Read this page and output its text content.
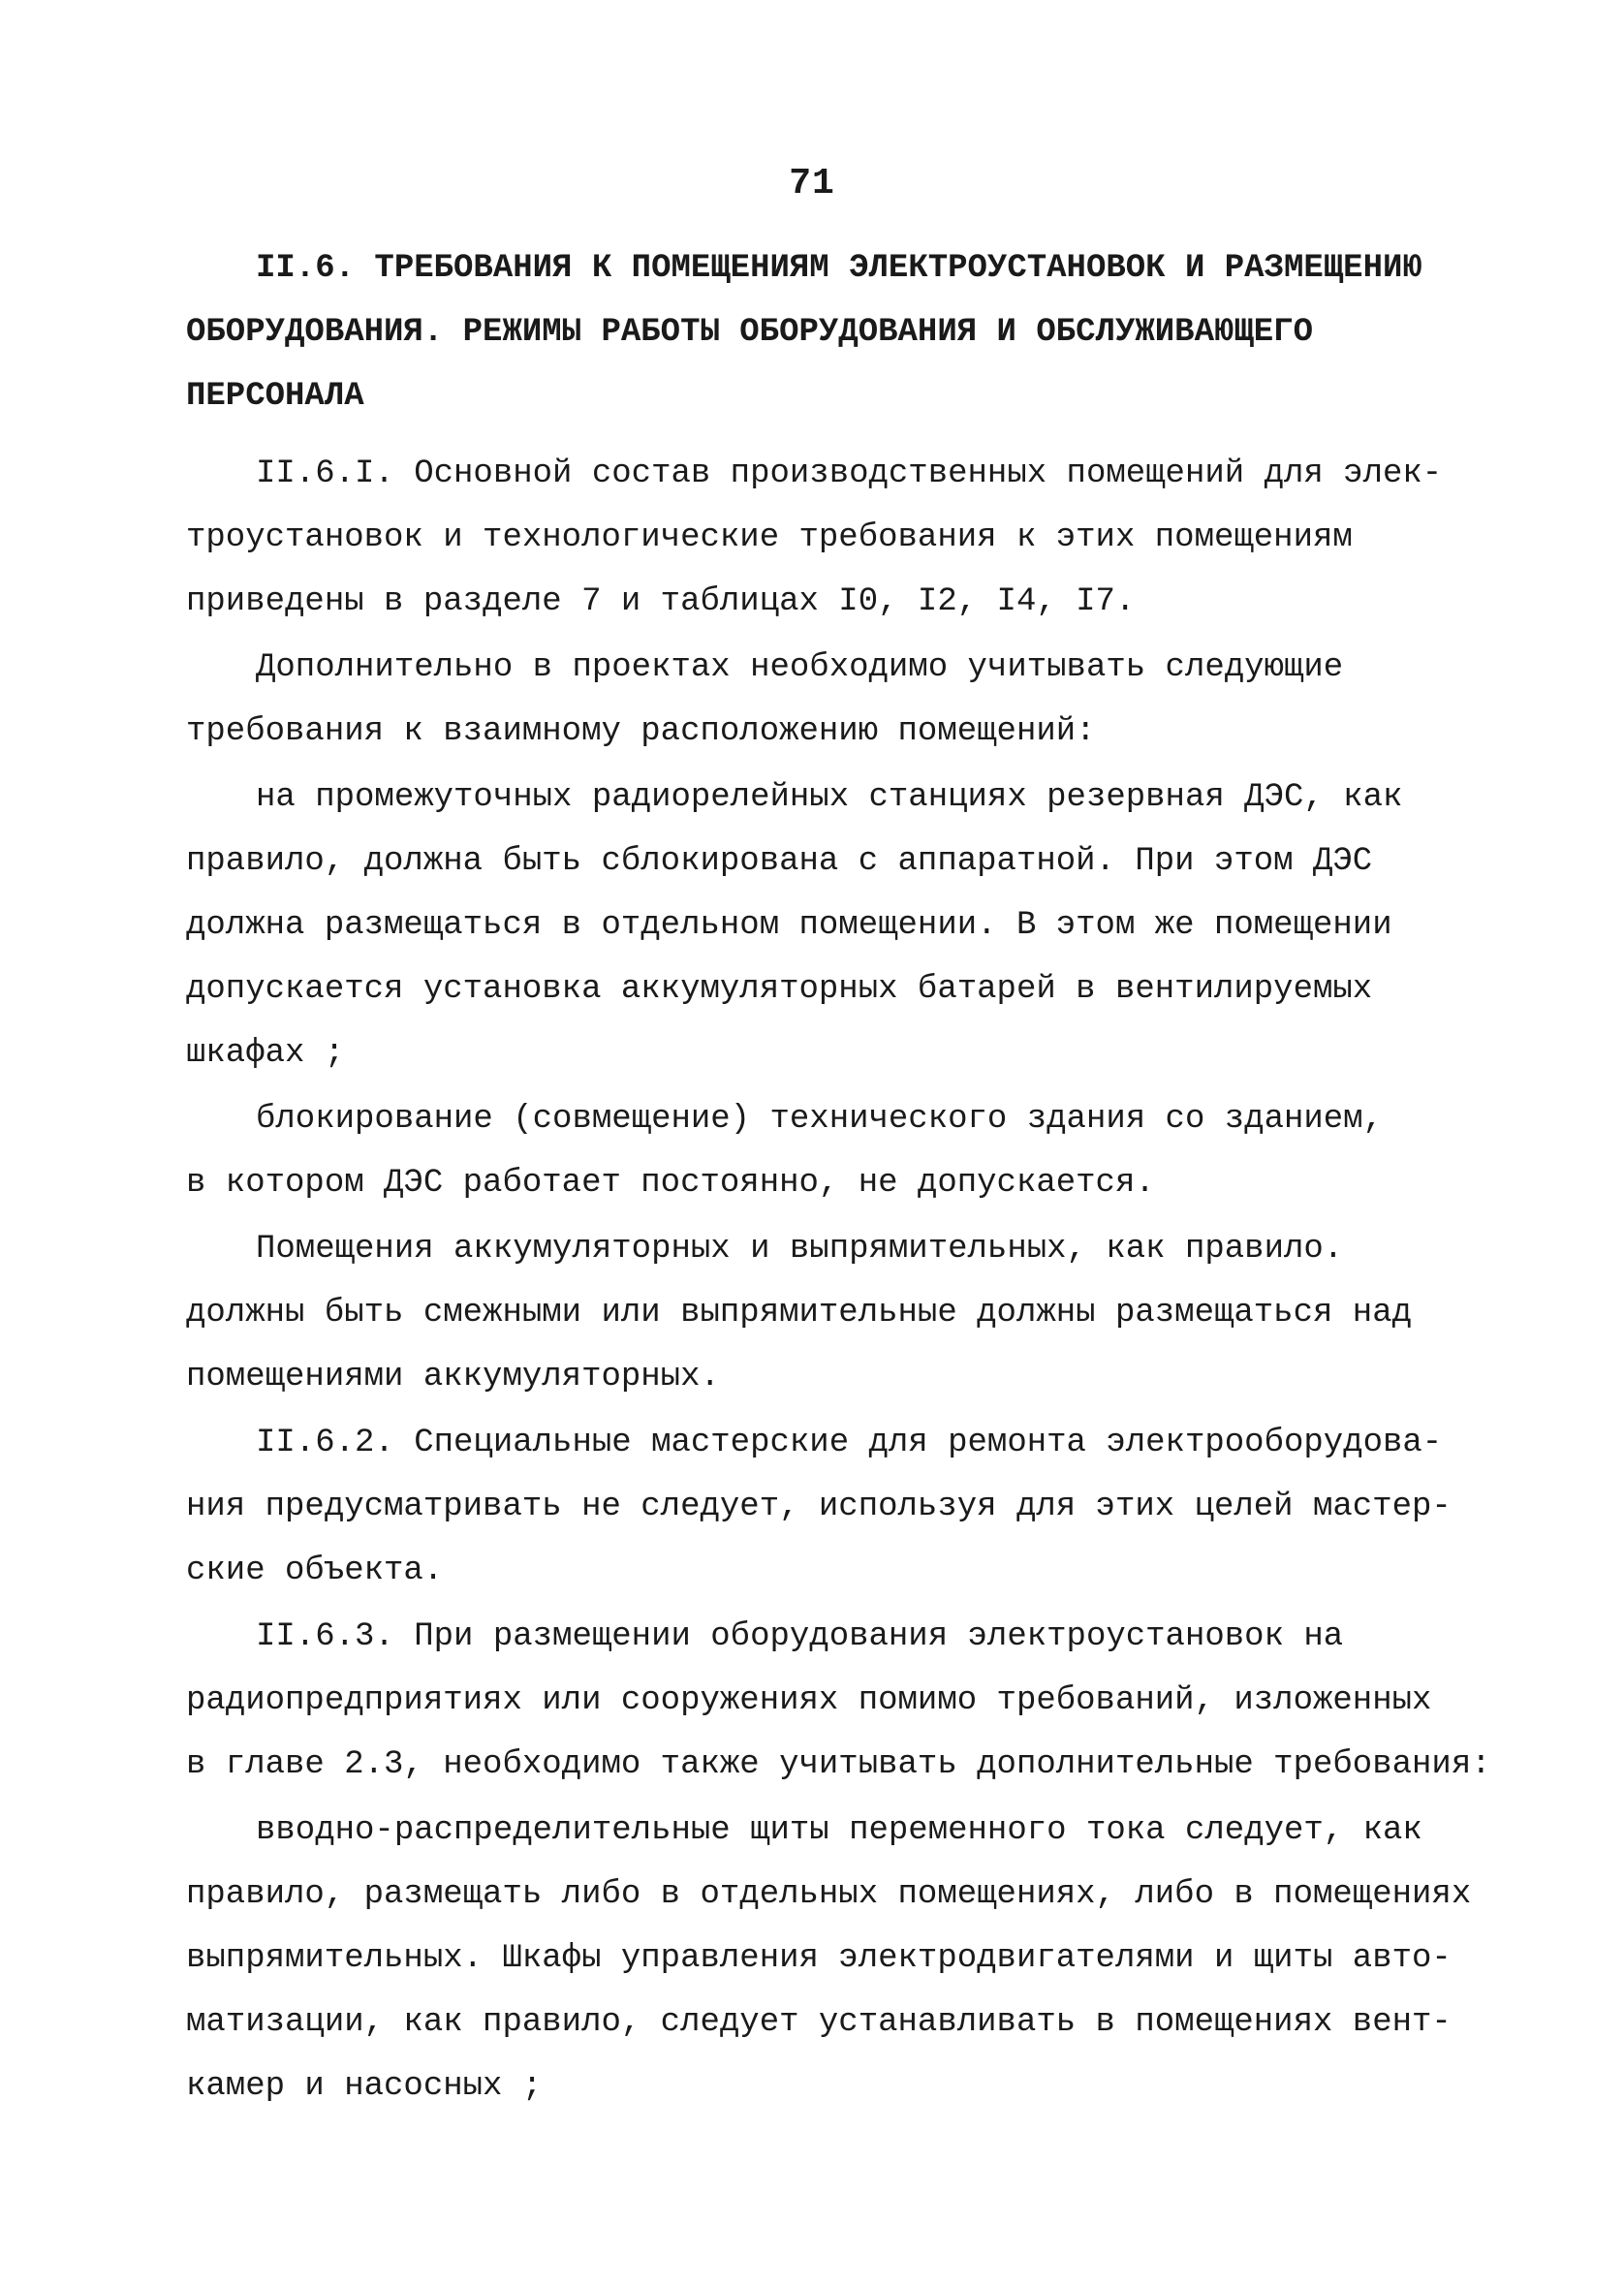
71
II.6. ТРЕБОВАНИЯ К ПОМЕЩЕНИЯМ ЭЛЕКТРОУСТАНОВОК И РАЗМЕЩЕНИЮ
ОБОРУДОВАНИЯ. РЕЖИМЫ РАБОТЫ ОБОРУДОВАНИЯ И ОБСЛУЖИВАЮЩЕГО
ПЕРСОНАЛА
II.6.I. Основной состав производственных помещений для элек-
троустановок и технологические требования к этих помещениям
приведены в разделе 7 и таблицах I0, I2, I4, I7.
Дополнительно в проектах необходимо учитывать следующие
требования к взаимному расположению помещений:
на промежуточных радиорелейных станциях резервная ДЭС, как
правило, должна быть сблокирована с аппаратной. При этом ДЭС
должна размещаться в отдельном помещении. В этом же помещении
допускается установка аккумуляторных батарей в вентилируемых
шкафах ;
блокирование (совмещение) технического здания со зданием,
в котором ДЭС работает постоянно, не допускается.
Помещения аккумуляторных и выпрямительных, как правило.
должны быть смежными или выпрямительные должны размещаться над
помещениями аккумуляторных.
II.6.2. Специальные мастерские для ремонта электрооборудова-
ния предусматривать не следует, используя для этих целей мастер-
ские объекта.
II.6.3. При размещении оборудования электроустановок на
радиопредприятиях или сооружениях помимо требований, изложенных
в главе 2.3, необходимо также учитывать дополнительные требования:
вводно-распределительные щиты переменного тока следует, как
правило, размещать либо в отдельных помещениях, либо в помещениях
выпрямительных. Шкафы управления электродвигателями и щиты авто-
матизации, как правило, следует устанавливать в помещениях вент-
камер и насосных ;
